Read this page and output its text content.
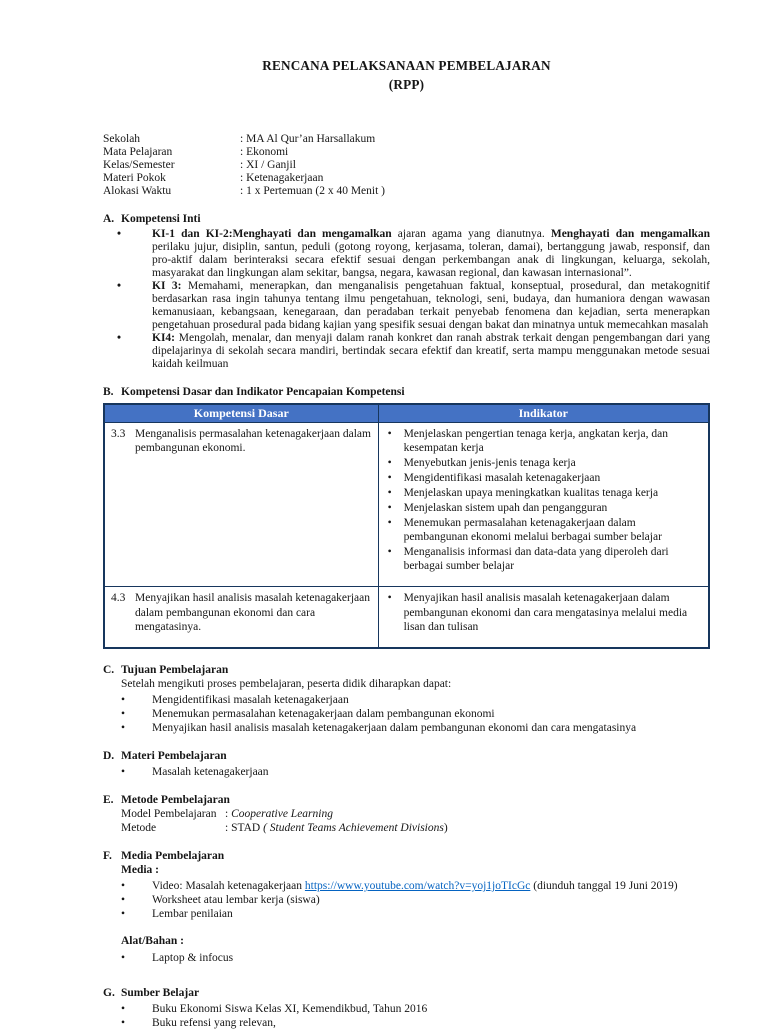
RENCANA PELAKSANAAN PEMBELAJARAN
(RPP)
Sekolah	: MA Al Qur’an Harsallakum
Mata Pelajaran	: Ekonomi
Kelas/Semester	: XI / Ganjil
Materi Pokok	: Ketenagakerjaan
Alokasi Waktu	: 1 x Pertemuan (2 x 40 Menit )
A. Kompetensi Inti
•
KI-1 dan KI-2:Menghayati dan mengamalkan ajaran agama yang dianutnya. Menghayati dan mengamalkan perilaku jujur, disiplin, santun, peduli (gotong royong, kerjasama, toleran, damai), bertanggung jawab, responsif, dan pro-aktif dalam berinteraksi secara efektif sesuai dengan perkembangan anak di lingkungan, keluarga, sekolah, masyarakat dan lingkungan alam sekitar, bangsa, negara, kawasan regional, dan kawasan internasional”.
•
KI 3: Memahami, menerapkan, dan menganalisis pengetahuan faktual, konseptual, prosedural, dan metakognitif berdasarkan rasa ingin tahunya tentang ilmu pengetahuan, teknologi, seni, budaya, dan humaniora dengan wawasan kemanusiaan, kebangsaan, kenegaraan, dan peradaban terkait penyebab fenomena dan kejadian, serta menerapkan pengetahuan prosedural pada bidang kajian yang spesifik sesuai dengan bakat dan minatnya untuk memecahkan masalah
•
KI4: Mengolah, menalar, dan menyaji dalam ranah konkret dan ranah abstrak terkait dengan pengembangan dari yang dipelajarinya di sekolah secara mandiri, bertindak secara efektif dan kreatif, serta mampu menggunakan metode sesuai kaidah keilmuan
B. Kompetensi Dasar dan Indikator Pencapaian Kompetensi
Kompetensi Dasar	Indikator

3.3 Menganalisis permasalahan ketenagakerjaan dalam pembangunan ekonomi.

•
Menjelaskan pengertian tenaga kerja, angkatan kerja, dan kesempatan kerja
•
Menyebutkan jenis-jenis tenaga kerja
•
Mengidentifikasi masalah ketenagakerjaan
•
Menjelaskan upaya meningkatkan kualitas tenaga kerja
•
Menjelaskan sistem upah dan pengangguran
•
Menemukan permasalahan ketenagakerjaan dalam pembangunan ekonomi melalui berbagai sumber belajar
•
Menganalisis informasi dan data-data yang diperoleh dari berbagai sumber belajar

4.3 Menyajikan hasil analisis masalah ketenagakerjaan dalam pembangunan ekonomi dan cara mengatasinya.

•
Menyajikan hasil analisis masalah ketenagakerjaan dalam pembangunan ekonomi dan cara mengatasinya melalui media lisan dan tulisan
C. Tujuan Pembelajaran
Setelah mengikuti proses pembelajaran, peserta didik diharapkan dapat:
•
Mengidentifikasi masalah ketenagakerjaan
•
Menemukan permasalahan ketenagakerjaan dalam pembangunan ekonomi
•
Menyajikan hasil analisis masalah ketenagakerjaan dalam pembangunan ekonomi dan cara mengatasinya
D. Materi Pembelajaran
•
Masalah ketenagakerjaan
E. Metode Pembelajaran
Model Pembelajaran : Cooperative Learning
Metode	: STAD ( Student Teams Achievement Divisions)
F. Media Pembelajaran
Media :
•
Video: Masalah ketenagakerjaan https://www.youtube.com/watch?v=yoj1joTIcGc (diunduh tanggal 19 Juni 2019)
•
Worksheet atau lembar kerja (siswa)
•
Lembar penilaian
Alat/Bahan :
•
Laptop & infocus
G. Sumber Belajar
•
Buku Ekonomi Siswa Kelas XI, Kemendikbud, Tahun 2016
•
Buku refensi yang relevan,
